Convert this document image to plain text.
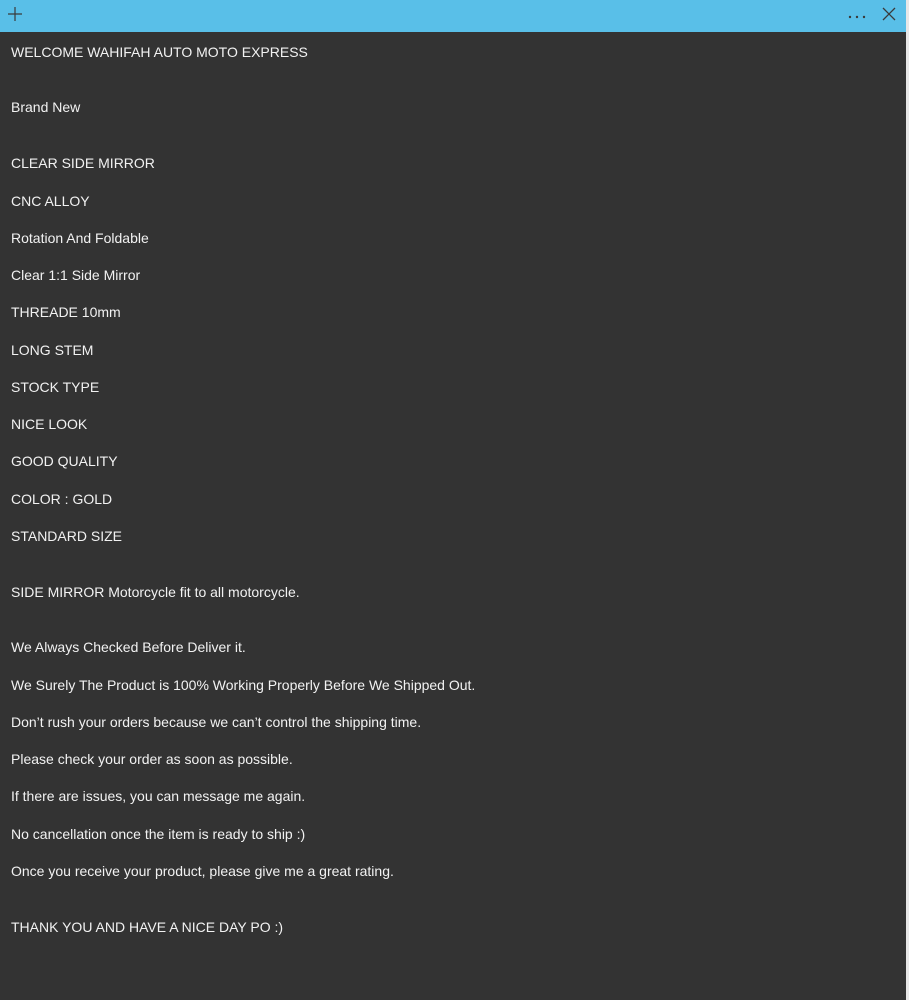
WELCOME WAHIFAH AUTO MOTO EXPRESS
Brand New
CLEAR SIDE MIRROR
CNC ALLOY
Rotation And Foldable
Clear 1:1 Side Mirror
THREADE 10mm
LONG STEM
STOCK TYPE
NICE LOOK
GOOD QUALITY
COLOR : GOLD
STANDARD SIZE
SIDE MIRROR Motorcycle fit to all motorcycle.
We Always Checked Before Deliver it.
We Surely The Product is 100% Working Properly Before We Shipped Out.
Don’t rush your orders because we can’t control the shipping time.
Please check your order as soon as possible.
If there are issues, you can message me again.
No cancellation once the item is ready to ship :)
Once you receive your product, please give me a great rating.
THANK YOU AND HAVE A NICE DAY PO :)
